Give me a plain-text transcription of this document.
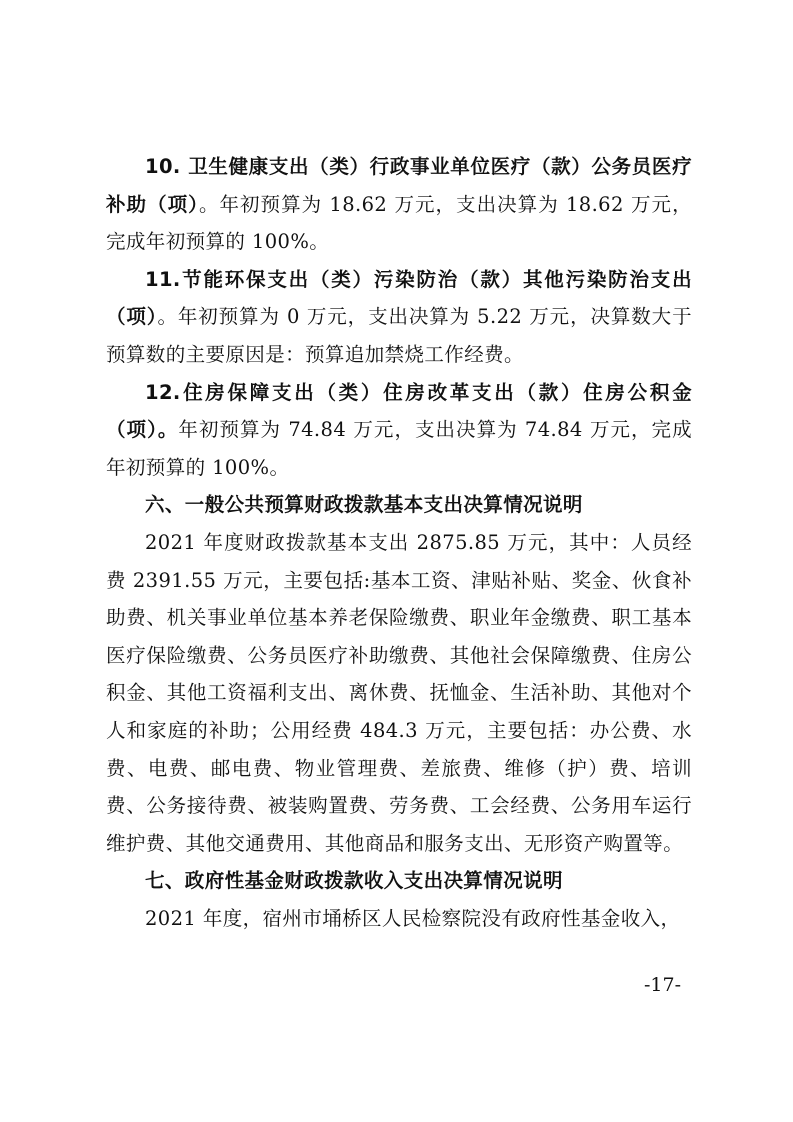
10. 卫生健康支出（类）行政事业单位医疗（款）公务员医疗补助（项）。年初预算为 18.62 万元，支出决算为 18.62 万元，完成年初预算的 100%。

11.节能环保支出（类）污染防治（款）其他污染防治支出（项）。年初预算为 0 万元，支出决算为 5.22 万元，决算数大于预算数的主要原因是：预算追加禁烧工作经费。

12.住房保障支出（类）住房改革支出（款）住房公积金（项）。年初预算为 74.84 万元，支出决算为 74.84 万元，完成年初预算的 100%。

六、一般公共预算财政拨款基本支出决算情况说明

2021 年度财政拨款基本支出 2875.85 万元，其中：人员经费 2391.55 万元，主要包括:基本工资、津贴补贴、奖金、伙食补助费、机关事业单位基本养老保险缴费、职业年金缴费、职工基本医疗保险缴费、公务员医疗补助缴费、其他社会保障缴费、住房公积金、其他工资福利支出、离休费、抚恤金、生活补助、其他对个人和家庭的补助；公用经费 484.3 万元，主要包括：办公费、水费、电费、邮电费、物业管理费、差旅费、维修（护）费、培训费、公务接待费、被装购置费、劳务费、工会经费、公务用车运行维护费、其他交通费用、其他商品和服务支出、无形资产购置等。

七、政府性基金财政拨款收入支出决算情况说明

2021 年度，宿州市埇桥区人民检察院没有政府性基金收入，

-17-
